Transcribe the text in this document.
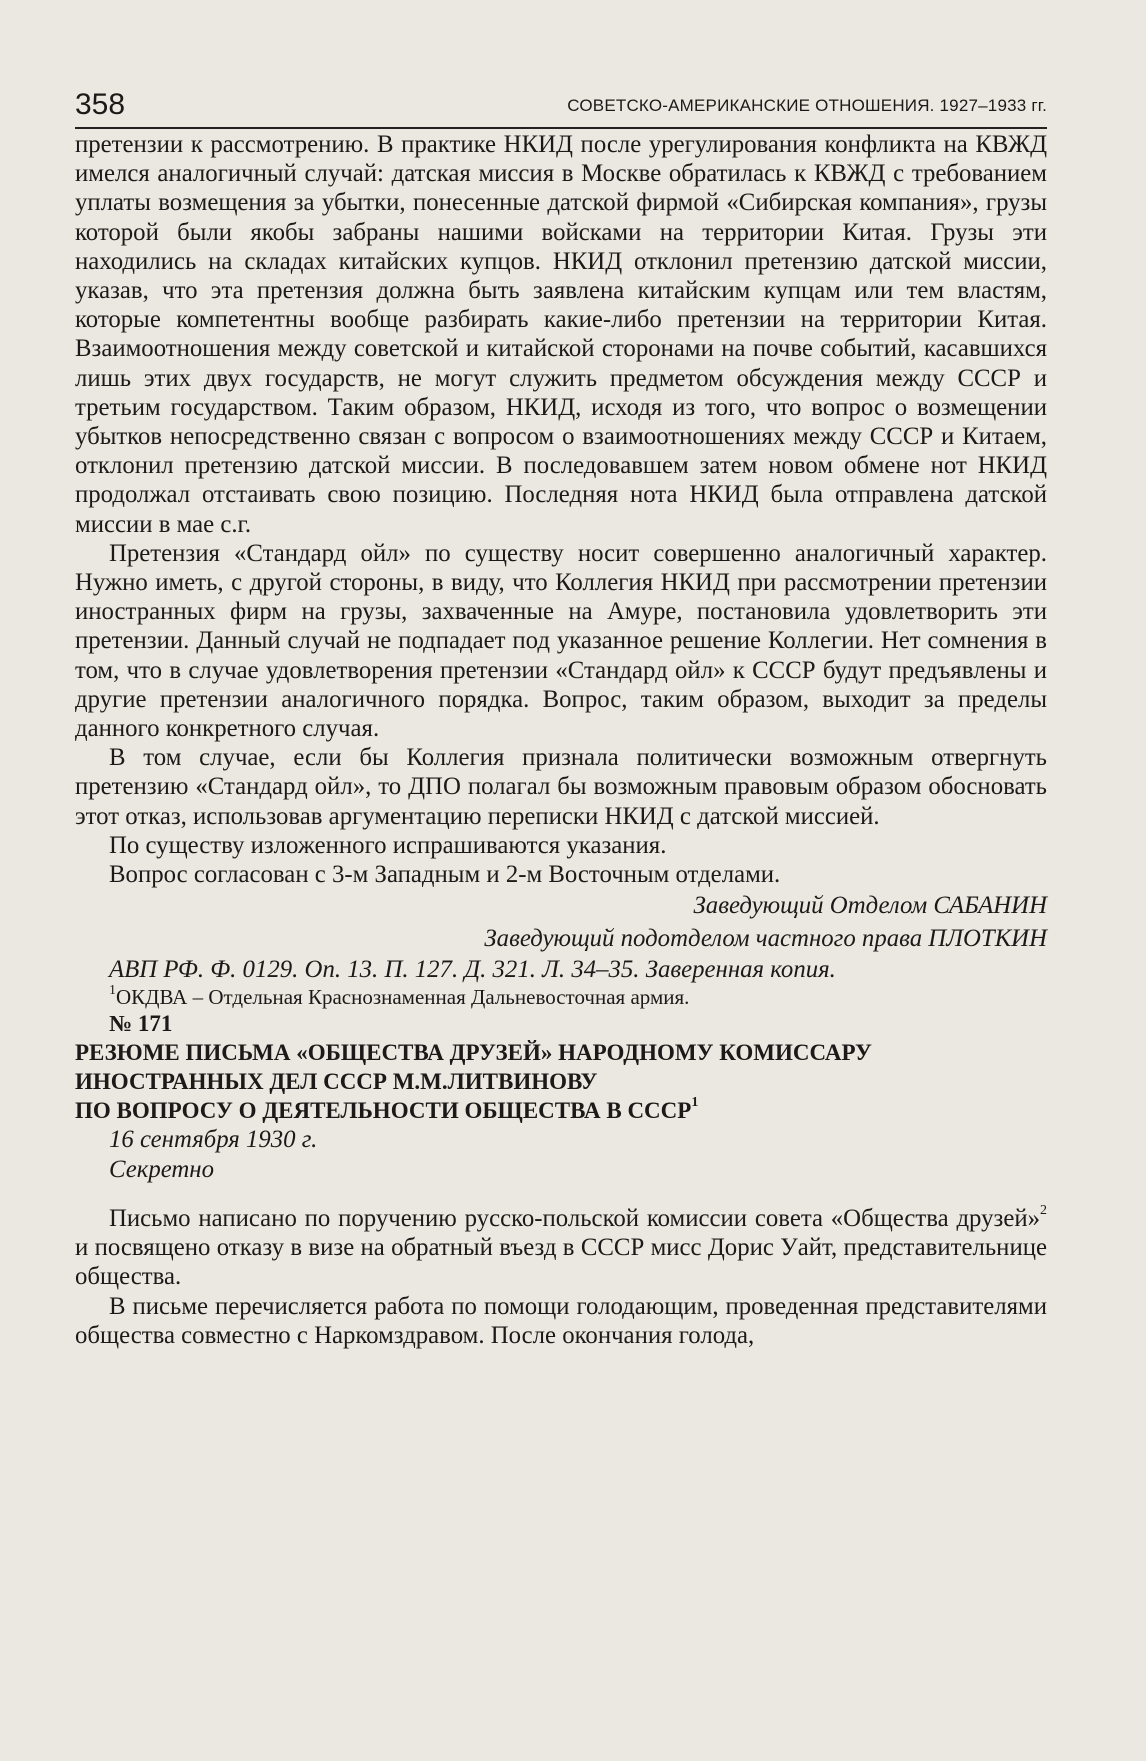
358	СОВЕТСКО-АМЕРИКАНСКИЕ ОТНОШЕНИЯ. 1927–1933 гг.

претензии к рассмотрению. В практике НКИД после урегулирования конфликта на КВЖД имелся аналогичный случай: датская миссия в Москве обратилась к КВЖД с требованием уплаты возмещения за убытки, понесенные датской фирмой «Сибирская компания», грузы которой были якобы забраны нашими войсками на территории Китая. Грузы эти находились на складах китайских купцов. НКИД отклонил претензию датской миссии, указав, что эта претензия должна быть заявлена китайским купцам или тем властям, которые компетентны вообще разбирать какие-либо претензии на территории Китая. Взаимоотношения между советской и китайской сторонами на почве событий, касавшихся лишь этих двух государств, не могут служить предметом обсуждения между СССР и третьим государством. Таким образом, НКИД, исходя из того, что вопрос о возмещении убытков непосредственно связан с вопросом о взаимоотношениях между СССР и Китаем, отклонил претензию датской миссии. В последовавшем затем новом обмене нот НКИД продолжал отстаивать свою позицию. Последняя нота НКИД была отправлена датской миссии в мае с.г.

Претензия «Стандард ойл» по существу носит совершенно аналогичный характер. Нужно иметь, с другой стороны, в виду, что Коллегия НКИД при рассмотрении претензии иностранных фирм на грузы, захваченные на Амуре, постановила удовлетворить эти претензии. Данный случай не подпадает под указанное решение Коллегии. Нет сомнения в том, что в случае удовлетворения претензии «Стандард ойл» к СССР будут предъявлены и другие претензии аналогичного порядка. Вопрос, таким образом, выходит за пределы данного конкретного случая.

В том случае, если бы Коллегия признала политически возможным отвергнуть претензию «Стандард ойл», то ДПО полагал бы возможным правовым образом обосновать этот отказ, использовав аргументацию переписки НКИД с датской миссией.

По существу изложенного испрашиваются указания.

Вопрос согласован с 3-м Западным и 2-м Восточным отделами.

Заведующий Отделом САБАНИН
Заведующий подотделом частного права ПЛОТКИН

АВП РФ. Ф. 0129. Оп. 13. П. 127. Д. 321. Л. 34–35. Заверенная копия.

$^1$ОКДВА – Отдельная Краснознаменная Дальневосточная армия.

№ 171

РЕЗЮМЕ ПИСЬМА «ОБЩЕСТВА ДРУЗЕЙ» НАРОДНОМУ КОМИССАРУ
ИНОСТРАННЫХ ДЕЛ СССР М.М.ЛИТВИНОВУ
ПО ВОПРОСУ О ДЕЯТЕЛЬНОСТИ ОБЩЕСТВА В СССР$^1$

16 сентября 1930 г.

Секретно

Письмо написано по поручению русско-польской комиссии совета «Общества друзей»$^2$ и посвящено отказу в визе на обратный въезд в СССР мисс Дорис Уайт, представительнице общества.

В письме перечисляется работа по помощи голодающим, проведенная представителями общества совместно с Наркомздравом. После окончания голода,
